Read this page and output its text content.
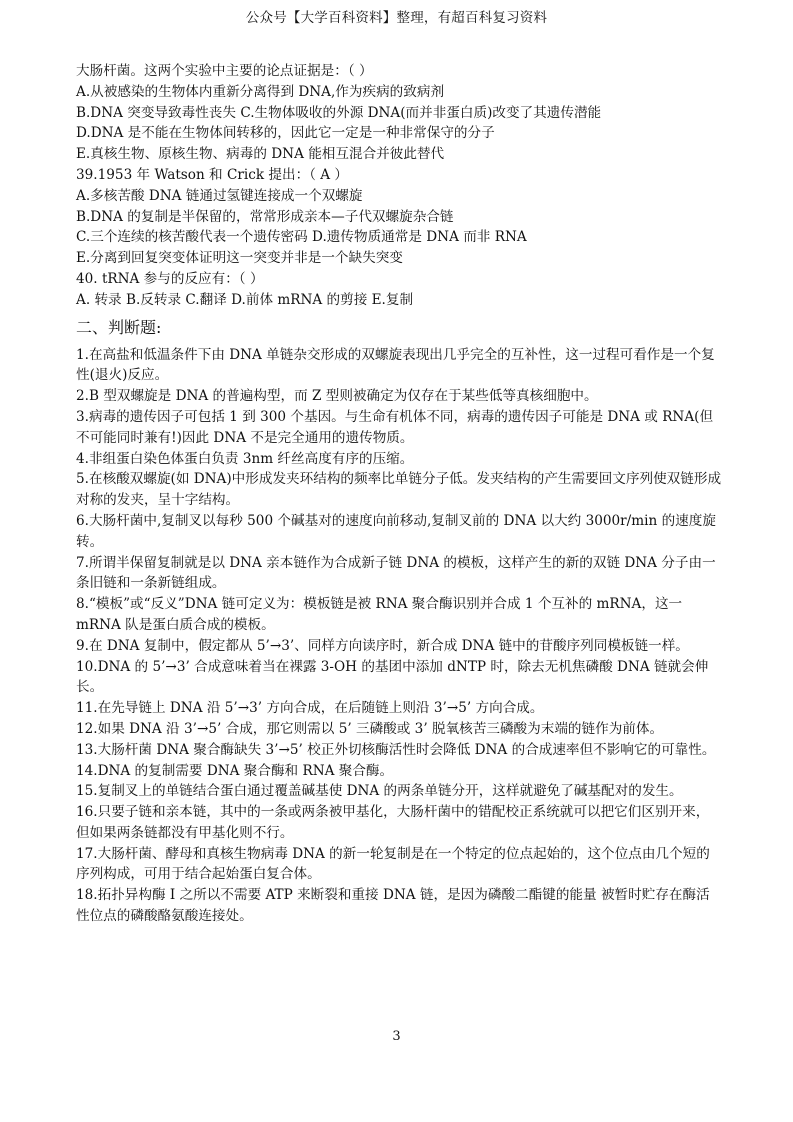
公众号【大学百科资料】整理，有超百科复习资料
大肠杆菌。这两个实验中主要的论点证据是：（ ）
A.从被感染的生物体内重新分离得到 DNA,作为疾病的致病剂
B.DNA 突变导致毒性丧失 C.生物体吸收的外源 DNA(而并非蛋白质)改变了其遗传潜能
D.DNA 是不能在生物体间转移的，因此它一定是一种非常保守的分子
E.真核生物、原核生物、病毒的 DNA 能相互混合并彼此替代
39.1953 年 Watson 和 Crick 提出：（ A ）
A.多核苦酸 DNA 链通过氢键连接成一个双螺旋
B.DNA 的复制是半保留的，常常形成亲本—子代双螺旋杂合链
C.三个连续的核苦酸代表一个遗传密码 D.遗传物质通常是 DNA 而非 RNA
E.分离到回复突变体证明这一突变并非是一个缺失突变
40. tRNA 参与的反应有：（ ）
A. 转录 B.反转录 C.翻译 D.前体 mRNA 的剪接 E.复制
二、判断题:
1.在高盐和低温条件下由 DNA 单链杂交形成的双螺旋表现出几乎完全的互补性，这一过程可看作是一个复性(退火)反应。
2.B 型双螺旋是 DNA 的普遍构型，而 Z 型则被确定为仅存在于某些低等真核细胞中。
3.病毒的遗传因子可包括 1 到 300 个基因。与生命有机体不同，病毒的遗传因子可能是 DNA 或 RNA(但不可能同时兼有!)因此 DNA 不是完全通用的遗传物质。
4.非组蛋白染色体蛋白负责 3nm 纤丝高度有序的压缩。
5.在核酸双螺旋(如 DNA)中形成发夹环结构的频率比单链分子低。发夹结构的产生需要回文序列使双链形成对称的发夹，呈十字结构。
6.大肠杆菌中,复制叉以每秒 500 个碱基对的速度向前移动,复制叉前的 DNA 以大约 3000r/min 的速度旋转。
7.所谓半保留复制就是以 DNA 亲本链作为合成新子链 DNA 的模板，这样产生的新的双链 DNA 分子由一条旧链和一条新链组成。
8.“模板”或“反义”DNA 链可定义为：模板链是被 RNA 聚合酶识别并合成 1 个互补的 mRNA，这一 mRNA 队是蛋白质合成的模板。
9.在 DNA 复制中，假定都从 5’→3’、同样方向读序时，新合成 DNA 链中的苷酸序列同模板链一样。
10.DNA 的 5’→3’ 合成意味着当在裸露 3-OH 的基团中添加 dNTP 时，除去无机焦磷酸 DNA 链就会伸长。
11.在先导链上 DNA 沿 5’→3’ 方向合成，在后随链上则沿 3’→5’ 方向合成。
12.如果 DNA 沿 3’→5’ 合成，那它则需以 5’ 三磷酸或 3’ 脱氧核苦三磷酸为末端的链作为前体。
13.大肠杆菌 DNA 聚合酶缺失 3’→5’ 校正外切核酶活性时会降低 DNA 的合成速率但不影响它的可靠性。
14.DNA 的复制需要 DNA 聚合酶和 RNA 聚合酶。
15.复制叉上的单链结合蛋白通过覆盖碱基使 DNA 的两条单链分开，这样就避免了碱基配对的发生。
16.只要子链和亲本链，其中的一条或两条被甲基化，大肠杆菌中的错配校正系统就可以把它们区别开来，但如果两条链都没有甲基化则不行。
17.大肠杆菌、酵母和真核生物病毒 DNA 的新一轮复制是在一个特定的位点起始的，这个位点由几个短的序列构成，可用于结合起始蛋白复合体。
18.拓扑异构酶 I 之所以不需要 ATP 来断裂和重接 DNA 链，是因为磷酸二酯键的能量 被暂时贮存在酶活性位点的磷酸酪氨酸连接处。
3
